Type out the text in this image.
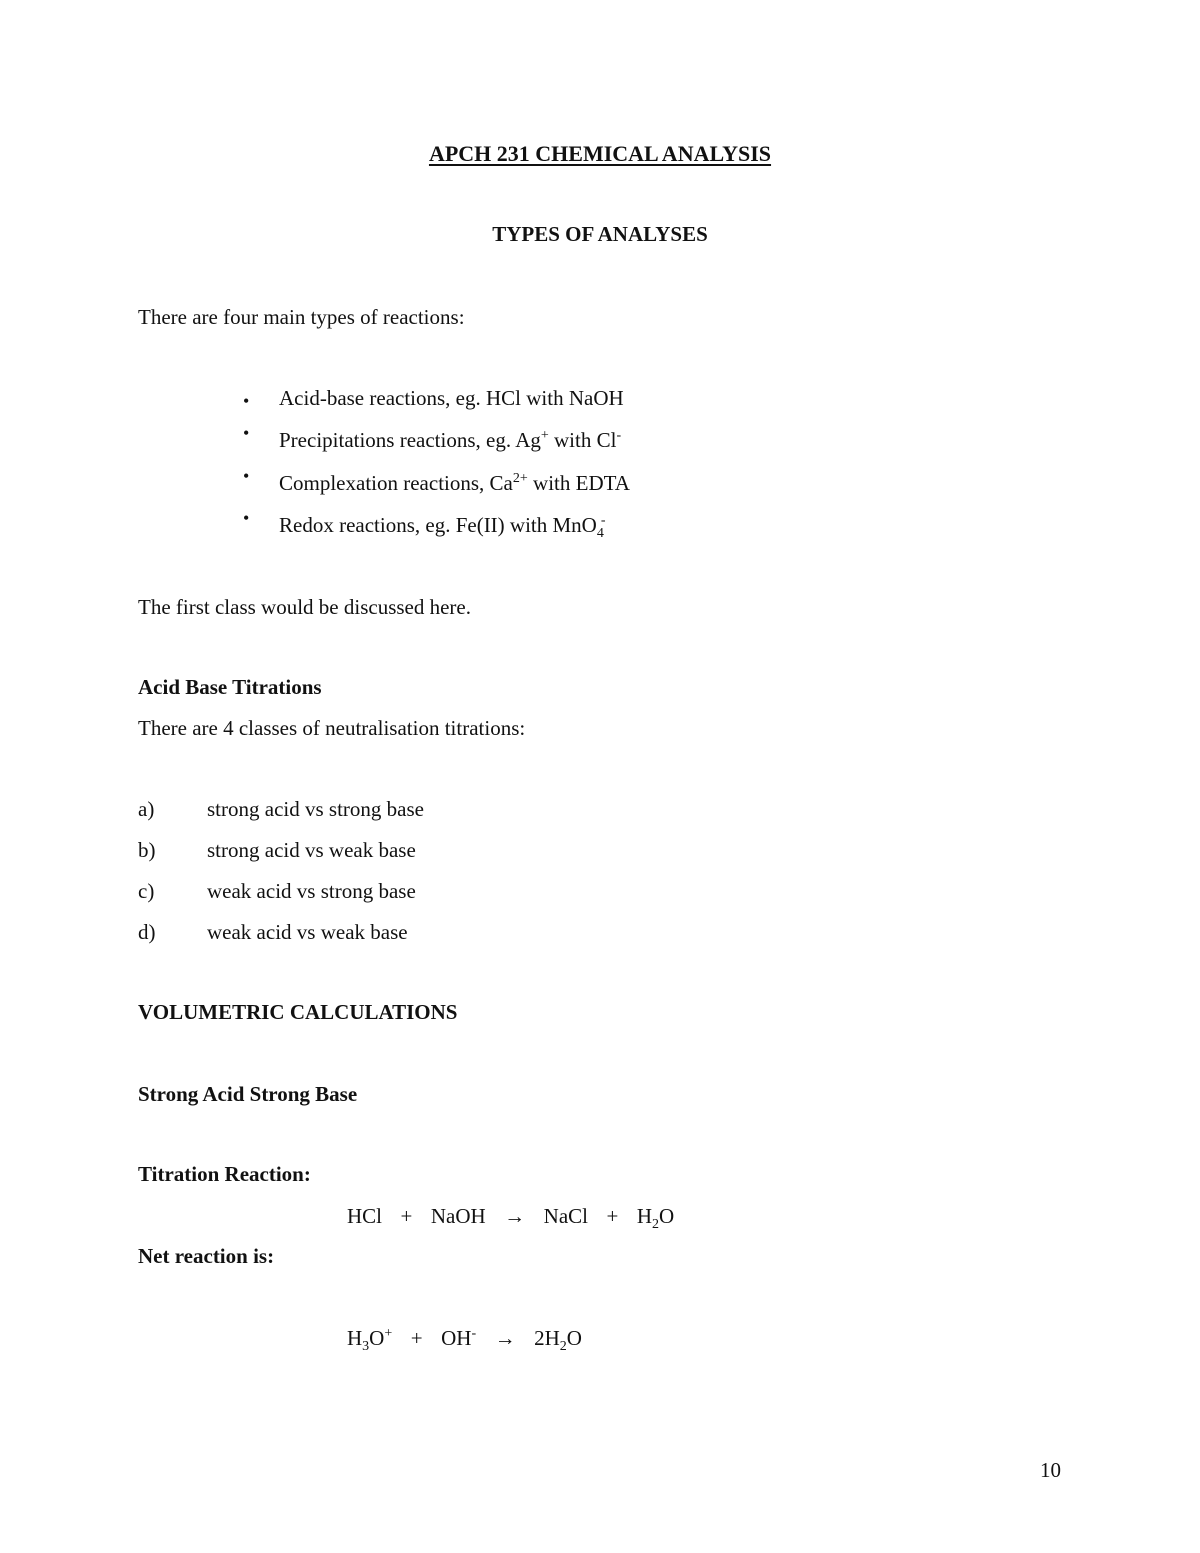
APCH 231 CHEMICAL ANALYSIS
TYPES OF ANALYSES
There are four main types of reactions:
• Acid-base reactions, eg. HCl with NaOH
• Precipitations reactions, eg. Ag+ with Cl-
• Complexation reactions, $Ca^{2+}$ with EDTA
• Redox reactions, eg. Fe(II) with MnO$_4$-
The first class would be discussed here.
Acid Base Titrations
There are 4 classes of neutralisation titrations:
a)	strong acid vs strong base
b) strong acid vs weak base
c)	weak acid vs strong base
d) weak acid vs weak base
VOLUMETRIC CALCULATIONS
Strong Acid Strong Base
Titration Reaction:
HCl  +  NaOH → NaCl  +  $H_2O$
Net reaction is:
$H_3O^+ + OH^- \to 2H_2O$
10
